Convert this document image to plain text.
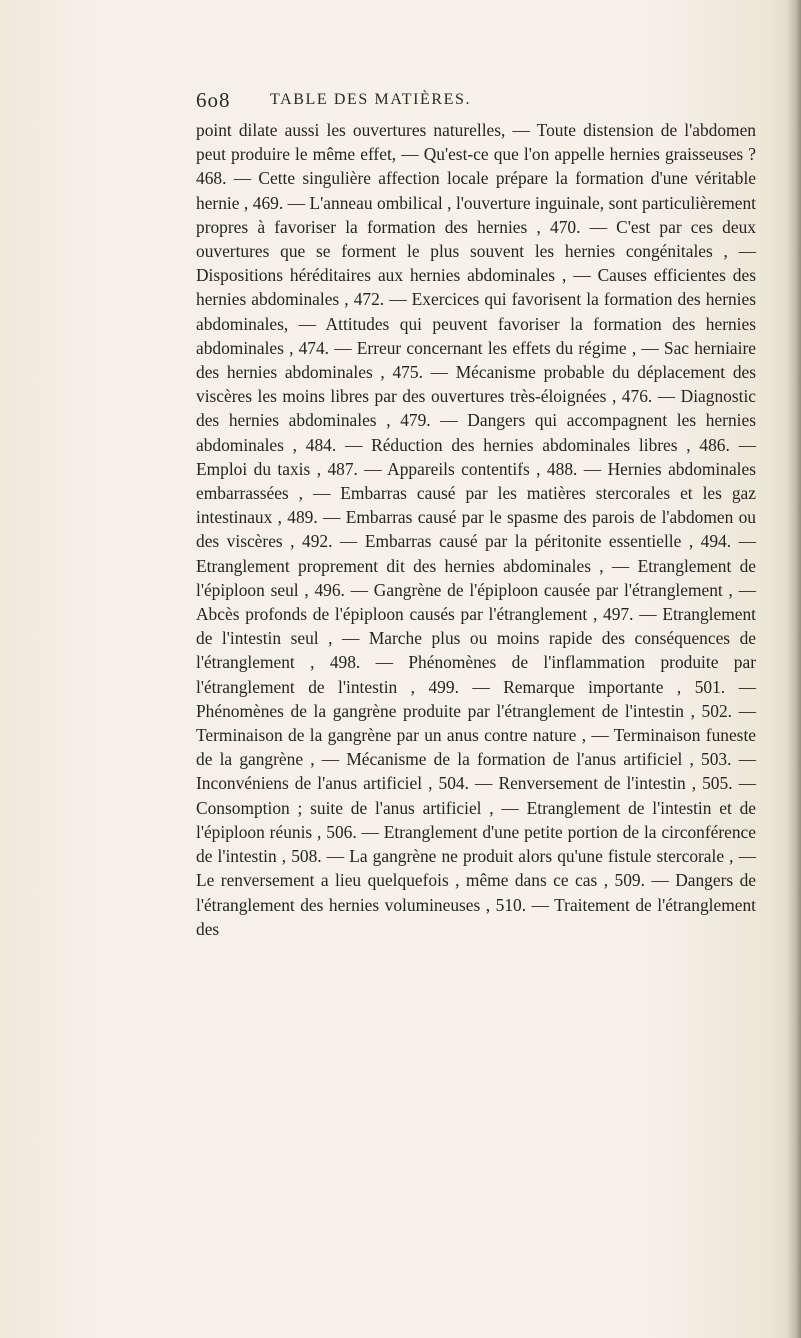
6o8 TABLE DES MATIÈRES.

point dilate aussi les ouvertures naturelles, — Toute distension de l'abdomen peut produire le même effet, — Qu'est-ce que l'on appelle hernies graisseuses ? 468. — Cette singulière affection locale prépare la formation d'une véritable hernie , 469. — L'anneau ombilical , l'ouverture inguinale, sont particulièrement propres à favoriser la formation des hernies , 470. — C'est par ces deux ouvertures que se forment le plus souvent les hernies congénitales , — Dispositions héréditaires aux hernies abdominales , — Causes efficientes des hernies abdominales , 472. — Exercices qui favorisent la formation des hernies abdominales, — Attitudes qui peuvent favoriser la formation des hernies abdominales , 474. — Erreur concernant les effets du régime , — Sac herniaire des hernies abdominales , 475. — Mécanisme probable du déplacement des viscères les moins libres par des ouvertures très-éloignées , 476. — Diagnostic des hernies abdominales , 479. — Dangers qui accompagnent les hernies abdominales , 484. — Réduction des hernies abdominales libres , 486. — Emploi du taxis , 487. — Appareils contentifs , 488. — Hernies abdominales embarrassées , — Embarras causé par les matières stercorales et les gaz intestinaux , 489. — Embarras causé par le spasme des parois de l'abdomen ou des viscères , 492. — Embarras causé par la péritonite essentielle , 494. — Etranglement proprement dit des hernies abdominales , — Etranglement de l'épiploon seul , 496. — Gangrène de l'épiploon causée par l'étranglement , — Abcès profonds de l'épiploon causés par l'étranglement , 497. — Etranglement de l'intestin seul , — Marche plus ou moins rapide des conséquences de l'étranglement , 498. — Phénomènes de l'inflammation produite par l'étranglement de l'intestin , 499. — Remarque importante , 501. — Phénomènes de la gangrène produite par l'étranglement de l'intestin , 502. — Terminaison de la gangrène par un anus contre nature , — Terminaison funeste de la gangrène , — Mécanisme de la formation de l'anus artificiel , 503. — Inconvéniens de l'anus artificiel , 504. — Renversement de l'intestin , 505. — Consomption ; suite de l'anus artificiel , — Etranglement de l'intestin et de l'épiploon réunis , 506. — Etranglement d'une petite portion de la circonférence de l'intestin , 508. — La gangrène ne produit alors qu'une fistule stercorale , — Le renversement a lieu quelquefois , même dans ce cas , 509. — Dangers de l'étranglement des hernies volumineuses , 510. — Traitement de l'étranglement des
